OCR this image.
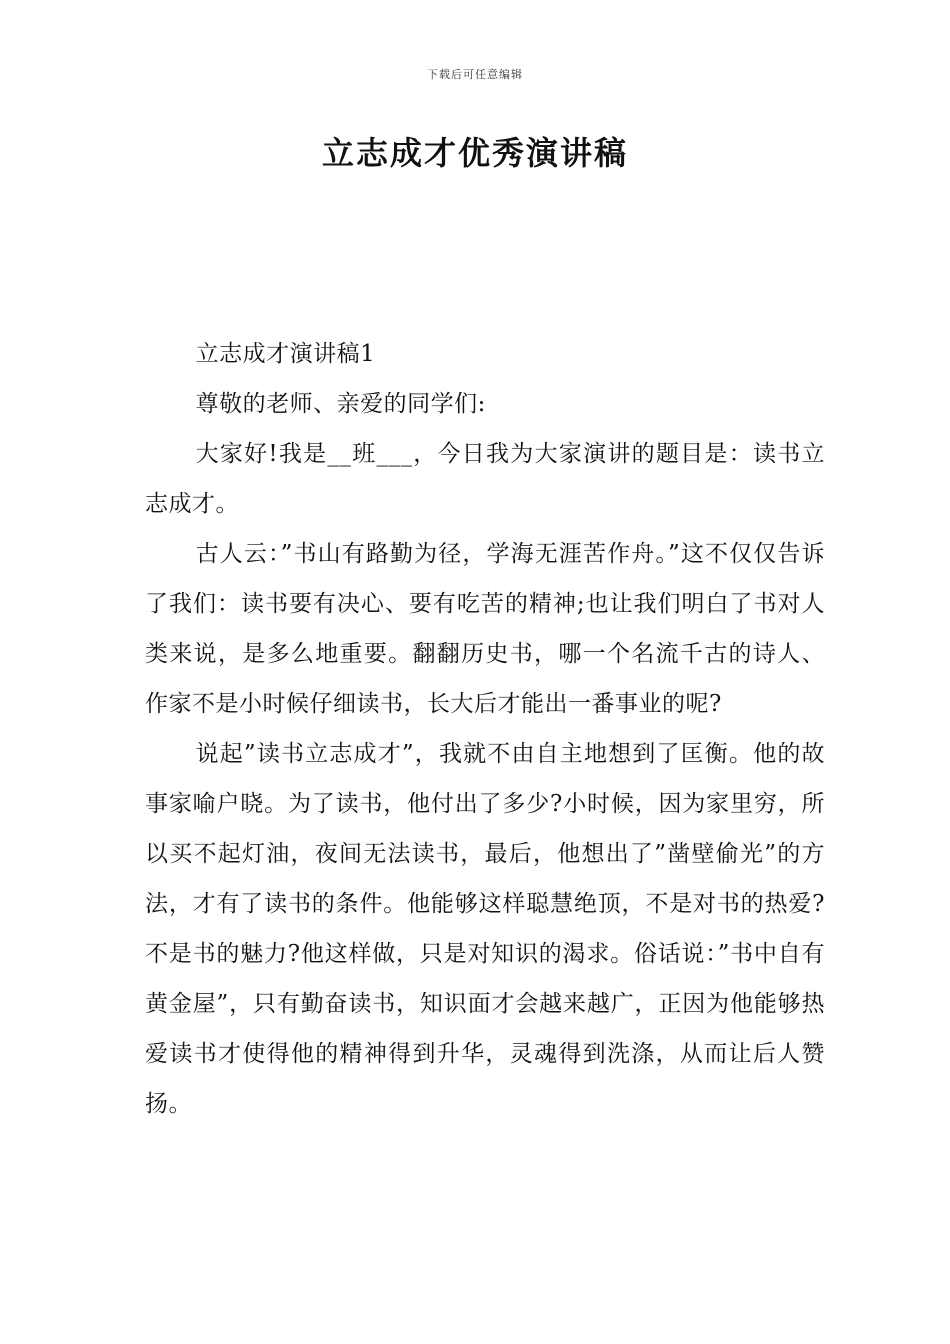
下载后可任意编辑
立志成才优秀演讲稿

立志成才演讲稿1

尊敬的老师、亲爱的同学们:

大家好!我是__班___，今日我为大家演讲的题目是：读书立志成才。

古人云：”书山有路勤为径，学海无涯苦作舟。”这不仅仅告诉了我们：读书要有决心、要有吃苦的精神;也让我们明白了书对人类来说，是多么地重要。翻翻历史书，哪一个名流千古的诗人、作家不是小时候仔细读书，长大后才能出一番事业的呢?

说起”读书立志成才”，我就不由自主地想到了匡衡。他的故事家喻户晓。为了读书，他付出了多少?小时候，因为家里穷，所以买不起灯油，夜间无法读书，最后，他想出了”凿壁偷光”的方法，才有了读书的条件。他能够这样聪慧绝顶，不是对书的热爱?不是书的魅力?他这样做，只是对知识的渴求。俗话说：”书中自有黄金屋”，只有勤奋读书，知识面才会越来越广，正因为他能够热爱读书才使得他的精神得到升华，灵魂得到洗涤，从而让后人赞扬。
